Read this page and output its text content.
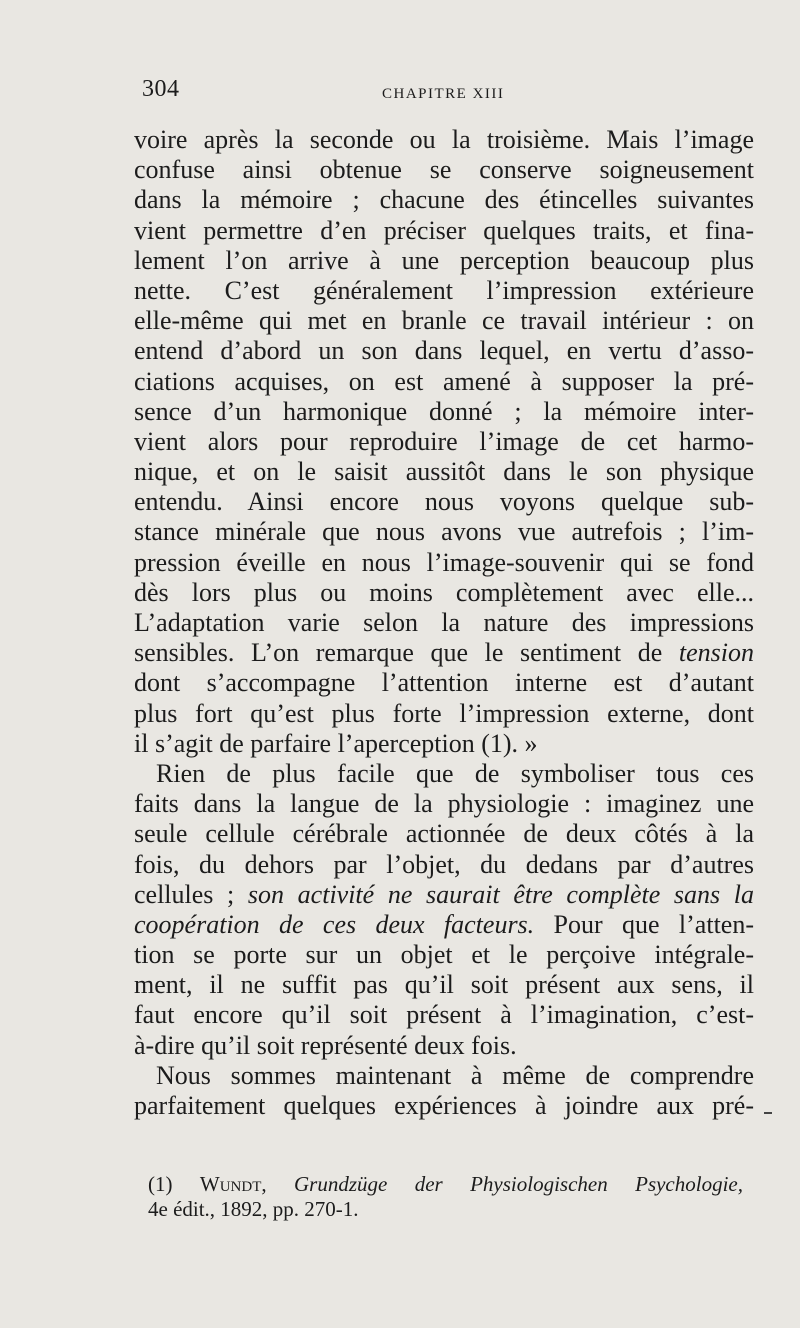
304	CHAPITRE XIII
voire après la seconde ou la troisième. Mais l’image
confuse ainsi obtenue se conserve soigneusement
dans la mémoire ; chacune des étincelles suivantes
vient permettre d’en préciser quelques traits, et fina-
lement l’on arrive à une perception beaucoup plus
nette. C’est généralement l’impression extérieure
elle-même qui met en branle ce travail intérieur : on
entend d’abord un son dans lequel, en vertu d’asso-
ciations acquises, on est amené à supposer la pré-
sence d’un harmonique donné ; la mémoire inter-
vient alors pour reproduire l’image de cet harmo-
nique, et on le saisit aussitôt dans le son physique
entendu. Ainsi encore nous voyons quelque sub-
stance minérale que nous avons vue autrefois ; l’im-
pression éveille en nous l’image-souvenir qui se fond
dès lors plus ou moins complètement avec elle...
L’adaptation varie selon la nature des impressions
sensibles. L’on remarque que le sentiment de tension
dont s’accompagne l’attention interne est d’autant
plus fort qu’est plus forte l’impression externe, dont
il s’agit de parfaire l’aperception (1). »
Rien de plus facile que de symboliser tous ces
faits dans la langue de la physiologie : imaginez une
seule cellule cérébrale actionnée de deux côtés à la
fois, du dehors par l’objet, du dedans par d’autres
cellules ; son activité ne saurait être complète sans la
coopération de ces deux facteurs. Pour que l’atten-
tion se porte sur un objet et le perçoive intégrale-
ment, il ne suffit pas qu’il soit présent aux sens, il
faut encore qu’il soit présent à l’imagination, c’est-
à-dire qu’il soit représenté deux fois.
Nous sommes maintenant à même de comprendre
parfaitement quelques expériences à joindre aux pré-
(1) Wundt, Grundzüge der Physiologischen Psychologie,
4e édit., 1892, pp. 270-1.
